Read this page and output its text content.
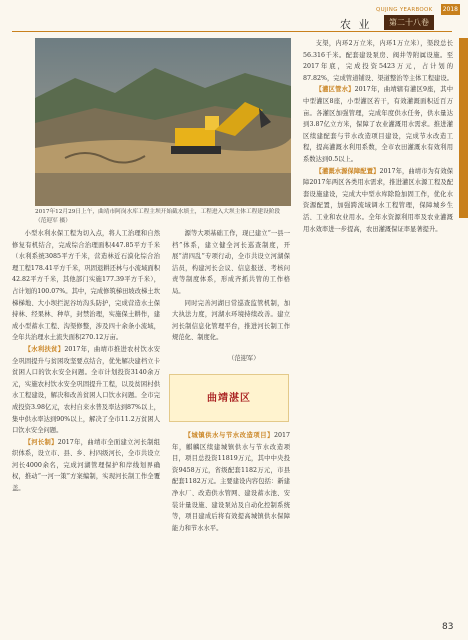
QUJING YEARBOOK	2018
农 业	第二十八卷
2017年12月29日上午，曲靖市阿岗水库工程主坝开始截水填土，工程进入大坝主体工程建设阶段（范迎军 摄）

小型水利水保工程为切入点，将人工治理和自然修复有机结合，完成综合治理面积447.85平方千米（水利系统3085平方千米，营造林近石漠化综合治理工程178.41平方千米，巩固退耕还林与小流域面积42.82平方千米，其他部门实施177.39平方千米），占计划的100.07%。其中，完成修筑梯田坡改梯土坎梯梯地、大小坝拦泥谷坊沟头防护，完成营造水土保持林、经果林、种草，封禁治理，实施保土耕作，建成小型蓄水工程、沟渠修整，涉及四十余条小流域，全年共治理水土流失面积270.12万亩。

【水利扶贫】2017年，曲靖市推进农村饮水安全巩固提升与贫困攻坚要点结合，优先解决建档立卡贫困人口的饮水安全问题。全市计划投资3140余万元，实施农村饮水安全巩固提升工程，以及贫困村供水工程建设，解决和改善贫困人口饮水问题。全市完成投资3.98亿元，农村自来水普及率达到87%以上，集中供水率达到90%以上，解决了全市11.2万贫困人口饮水安全问题。

【河长制】2017年，曲靖市全面建立河长制组织体系，设立市、县、乡、村四级河长，全市共设立河长4000余名，完成河湖管理保护和岸线划界确权，推动“一河一策”方案编制，实现河长制工作全覆盖。

源等大项基础工作，现已建立“一县一档”体系，建立健全河长巡查制度，开展“清四乱”专项行动，全市共设立河湖保洁员，构建河长会议、信息报送、考核问责等制度体系，形成齐抓共管的工作格局。

同时完善河湖日常巡查监管机制，加大执法力度，河湖水环境持续改善。建立河长制信息化管理平台，推进河长制工作规范化、制度化。

（范迎军）
曲靖湛区

【城镇供水与节水改造项目】2017年，麒麟区续建城镇供水与节水改造项目，项目总投资11819万元，其中中央投资9458万元，省级配套1182万元，市县配套1182万元。主要建设内容包括：新建净水厂、改造供水管网、建设蓄水池、安装计量设施、建设泵站及自动化控制系统等，项目建成后将有效提高城镇供水保障能力和节水水平。

支渠，内环2万立米，内环1万立米），渠段总长56.316千米。配套建设泵房、阀井等附属设施。至2017年底，完成投资5423万元，占计划的87.82%，完成管道铺设、渠道整治等主体工程建设。

【灌区管水】2017年，曲靖辖有灌区9座，其中中型灌区8座，小型灌区若干，有效灌溉面积近百万亩。各灌区加强管理，完成年度供水任务，供水量达到3.87亿立方米，保障了农业灌溉用水需求。推进灌区续建配套与节水改造项目建设，完成节水改造工程，提高灌溉水利用系数，全市农田灌溉水有效利用系数达到0.5以上。

【灌溉水源保障配置】2017年，曲靖市为有效保障2017年两区各类用水需求，推进灌区水源工程及配套设施建设，完成大中型水库除险加固工作，优化水资源配置，加强跨流域调水工程管理，保障城乡生活、工业和农业用水。全年水资源利用率及农业灌溉用水效率进一步提高，农田灌溉保证率显著提升。

83
